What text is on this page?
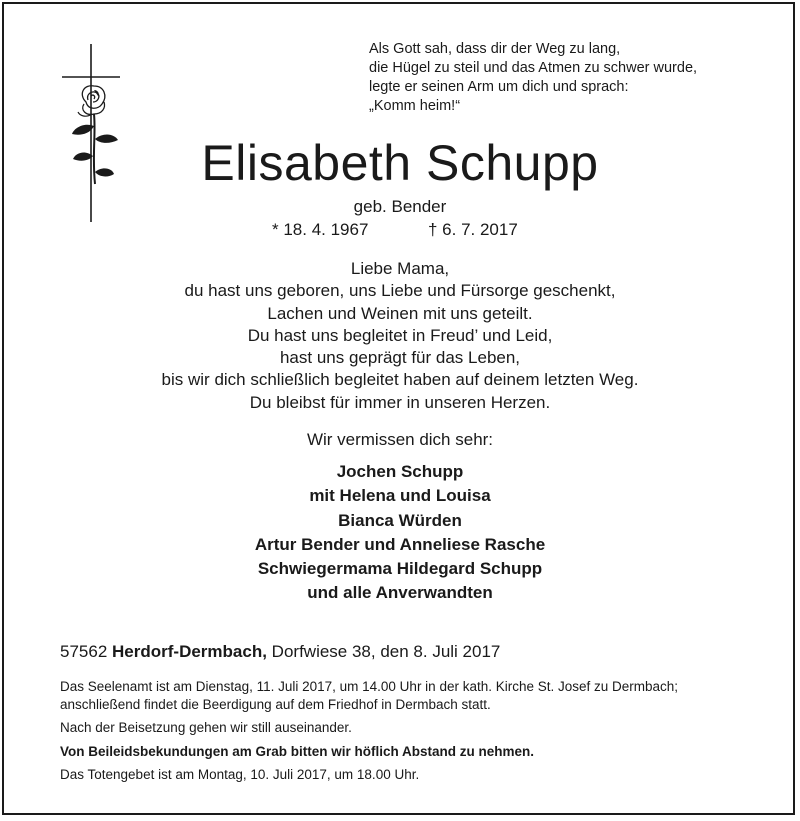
Als Gott sah, dass dir der Weg zu lang,
die Hügel zu steil und das Atmen zu schwer wurde,
legte er seinen Arm um dich und sprach:
„Komm heim!“
Elisabeth Schupp
geb. Bender
* 18. 4. 1967	† 6. 7. 2017
Liebe Mama,
du hast uns geboren, uns Liebe und Fürsorge geschenkt,
Lachen und Weinen mit uns geteilt.
Du hast uns begleitet in Freud’ und Leid,
hast uns geprägt für das Leben,
bis wir dich schließlich begleitet haben auf deinem letzten Weg.
Du bleibst für immer in unseren Herzen.
Wir vermissen dich sehr:
Jochen Schupp
mit Helena und Louisa
Bianca Würden
Artur Bender und Anneliese Rasche
Schwiegermama Hildegard Schupp
und alle Anverwandten
57562 Herdorf-Dermbach, Dorfwiese 38, den 8. Juli 2017

Das Seelenamt ist am Dienstag, 11. Juli 2017, um 14.00 Uhr in der kath. Kirche St. Josef zu Dermbach;

anschließend findet die Beerdigung auf dem Friedhof in Dermbach statt.

Nach der Beisetzung gehen wir still auseinander.

Von Beileidsbekundungen am Grab bitten wir höflich Abstand zu nehmen.

Das Totengebet ist am Montag, 10. Juli 2017, um 18.00 Uhr.
